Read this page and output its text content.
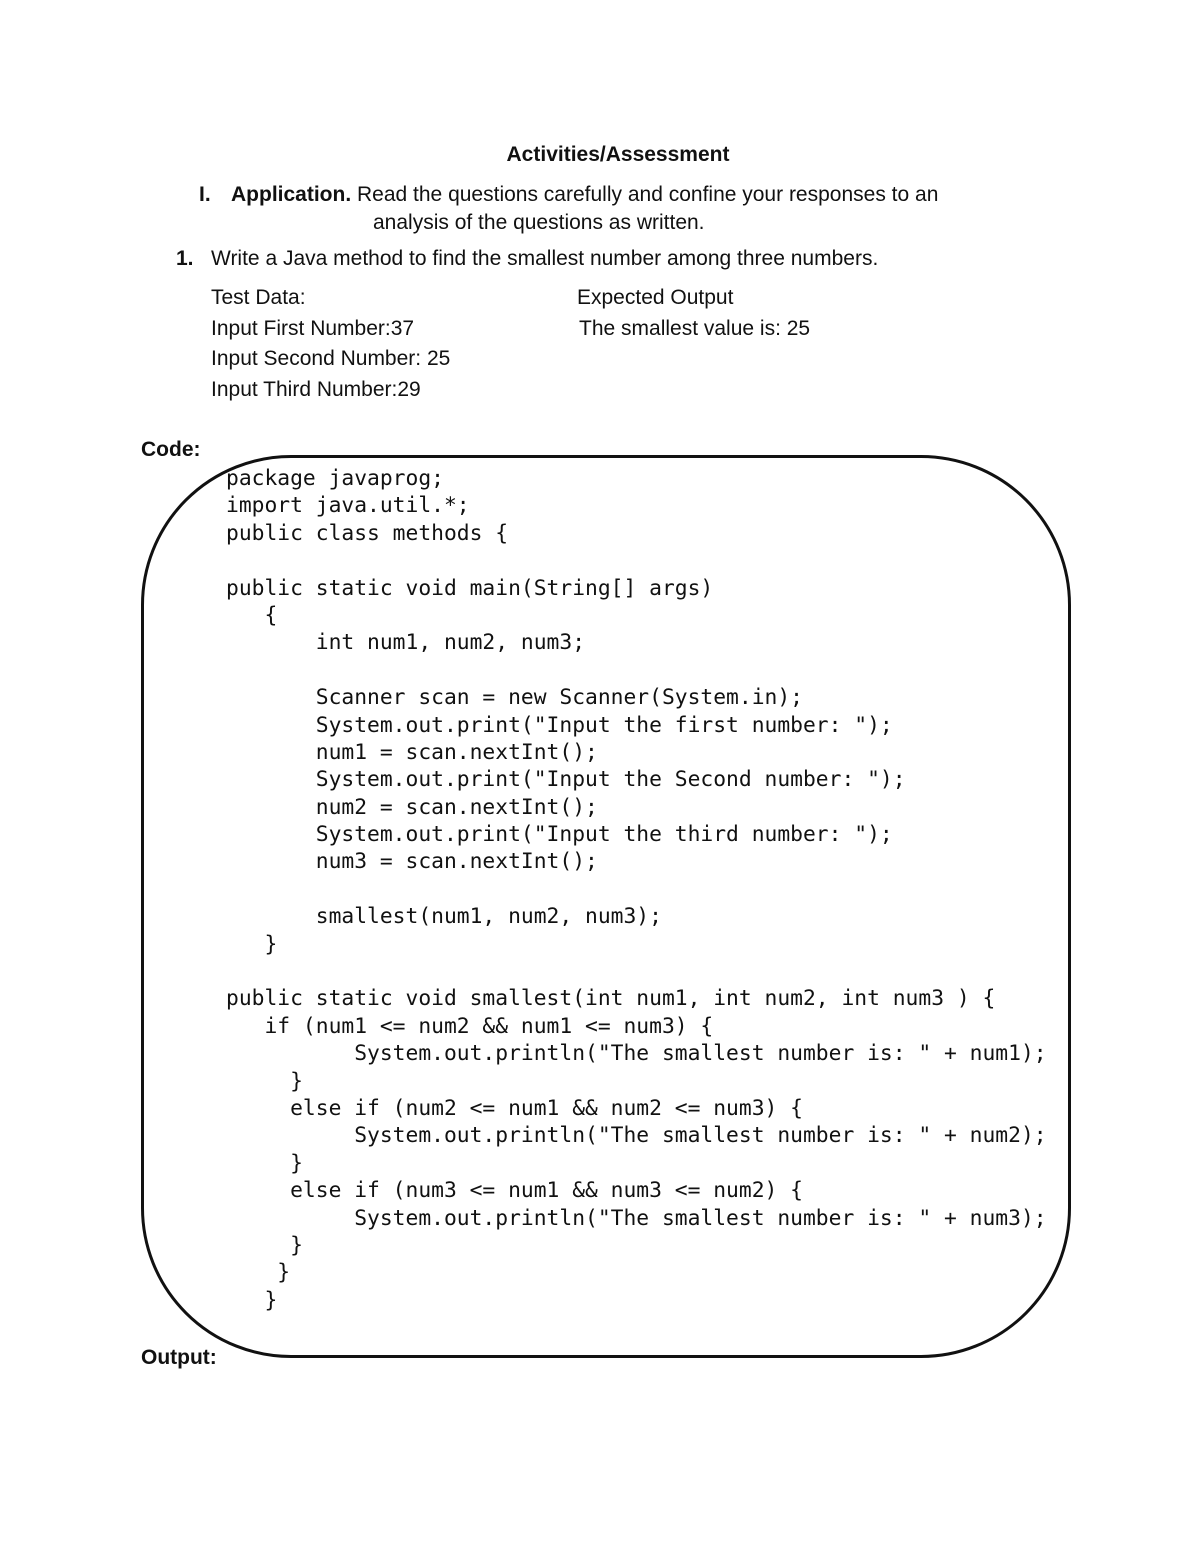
Activities/Assessment
I. Application. Read the questions carefully and confine your responses to an
analysis of the questions as written.
1. Write a Java method to find the smallest number among three numbers.
Test Data:
Input First Number:37
Input Second Number: 25
Input Third Number:29
Expected Output
The smallest value is: 25
Code:
package javaprog;
import java.util.*;
public class methods {
public static void main(String[] args)
{
int num1, num2, num3;
Scanner scan = new Scanner(System.in);
System.out.print("Input the first number: ");
num1 = scan.nextInt();
System.out.print("Input the Second number: ");
num2 = scan.nextInt();
System.out.print("Input the third number: ");
num3 = scan.nextInt();
smallest(num1, num2, num3);
}
public static void smallest(int num1, int num2, int num3 ) {
if (num1 <= num2 && num1 <= num3) {
System.out.println("The smallest number is: " + num1);
}
else if (num2 <= num1 && num2 <= num3) {
System.out.println("The smallest number is: " + num2);
}
else if (num3 <= num1 && num3 <= num2) {
System.out.println("The smallest number is: " + num3);
}
}
}
Output:
